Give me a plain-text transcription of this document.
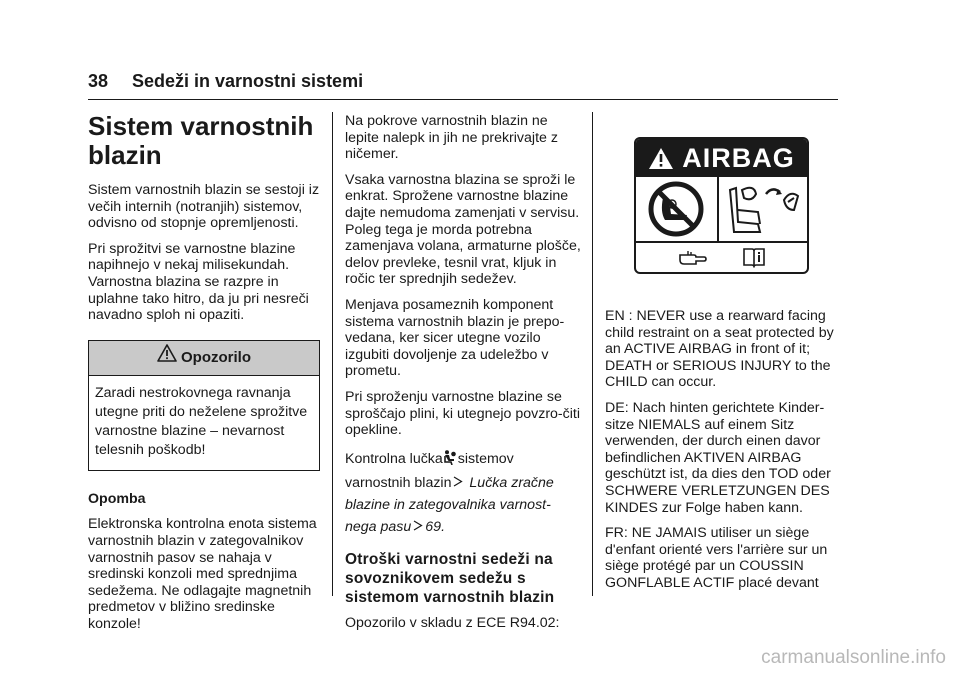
38 Sedeži in varnostni sistemi
Sistem varnostnih blazin

Sistem varnostnih blazin se sestoji iz večih internih (notranjih) sistemov, odvisno od stopnje opremljenosti.

Pri sprožitvi se varnostne blazine napihnejo v nekaj milisekundah. Varnostna blazina se razpre in uplahne tako hitro, da ju pri nesreči navadno sploh ni opaziti.

Opozorilo
Zaradi nestrokovnega ravnanja utegne priti do neželene sprožitve varnostne blazine – nevarnost telesnih poškodb!

Opomba

Elektronska kontrolna enota sistema varnostnih blazin v zategovalnikov varnostnih pasov se nahaja v sredinski konzoli med sprednjima sedežema. Ne odlagajte magnetnih predmetov v bližino sredinske konzole!

Na pokrove varnostnih blazin ne lepite nalepk in jih ne prekrivajte z ničemer.

Vsaka varnostna blazina se sproži le enkrat. Sprožene varnostne blazine dajte nemudoma zamenjati v servisu. Poleg tega je morda potrebna zamenjava volana, armaturne plošče, delov prevleke, tesnil vrat, kljuk in ročic ter sprednjih sedežev.

Menjava posameznih komponent sistema varnostnih blazin je prepo-vedana, ker sicer utegne vozilo izgubiti dovoljenje za udeležbo v prometu.

Pri sproženju varnostne blazine se sproščajo plini, ki utegnejo povzro-čiti opekline.

Kontrolna lučka sistemov
varnostnih blazin Lučka zračne blazine in zategovalnika varnost-nega pasu 69.

Otroški varnostni sedeži na sovoznikovem sedežu s sistemom varnostnih blazin

Opozorilo v skladu z ECE R94.02:

AIRBAG

EN : NEVER use a rearward facing child restraint on a seat protected by an ACTIVE AIRBAG in front of it; DEATH or SERIOUS INJURY to the CHILD can occur.

DE: Nach hinten gerichtete Kinder-sitze NIEMALS auf einem Sitz verwenden, der durch einen davor befindlichen AKTIVEN AIRBAG geschützt ist, da dies den TOD oder SCHWERE VERLETZUNGEN DES KINDES zur Folge haben kann.

FR: NE JAMAIS utiliser un siège d'enfant orienté vers l'arrière sur un siège protégé par un COUSSIN GONFLABLE ACTIF placé devant

carmanualsonline.info
